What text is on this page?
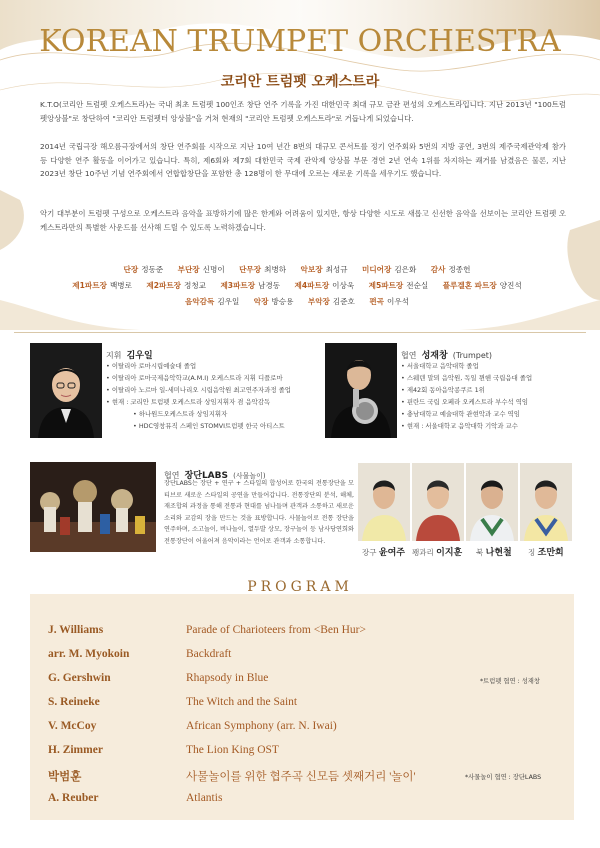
KOREAN TRUMPET ORCHESTRA
코리안 트럼펫 오케스트라
K.T.O(코리안 트럼펫 오케스트라)는 국내 최초 트럼펫 100인조 창단 연주 기록을 가진 대한민국 최대 규모 금관 편성의 오케스트라입니다. 지난 2013년 "100트럼펫앙상블"로 창단하여 "코리안 트럼펫터 앙상블"을 거쳐 현재의 "코리안 트럼펫 오케스트라"로 거듭나게 되었습니다.
2014년 국립극장 해오름극장에서의 창단 연주회를 시작으로 지난 10여 년간 8번의 대규모 콘서트를 정기 연주회와 5번의 지방 공연, 3번의 제주국제관악제 참가 등 다양한 연주 활동을 이어가고 있습니다. 특히, 제6회와 제7회 대한민국 국제 관악제 앙상블 부문 경연 2년 연속 1위를 차지하는 쾌거를 남겼음은 물론, 지난 2023년 창단 10주년 기념 연주회에서 연합합창단을 포함한 총 128명이 한 무대에 오르는 새로운 기록을 세우기도 했습니다.
악기 대부분이 트럼펫 구성으로 오케스트라 음악을 표방하기에 많은 한계와 어려움이 있지만, 항상 다양한 시도로 새롭고 신선한 음악을 선보이는 코리안 트럼펫 오케스트라만의 특별한 사운드를 선사해 드릴 수 있도록 노력하겠습니다.
단장 정동준 부단장 신명이 단무장 최병하 악보장 최성규 미디어장 김은화 감사 정종헌
제1파트장 백병로 제2파트장 정청교 제3파트장 남경동 제4파트장 이상욱 제5파트장 전순실 플루겔혼 파트장 양진석
음악감독 김우일 악장 방승용 부악장 김준호 편곡 이우석
지휘 김우일
• 이탈리아 로마시립예술대 졸업
• 이탈리아 로마국제음악학교(A.M.I) 오케스트라 지휘 디플로마
• 이탈리아 노르마 일-세미나리오 시립음악원 최고연주자과정 졸업
• 현재 : 코리안 트럼펫 오케스트라 상임지휘자 겸 음악감독
• 하나원드오케스트라 상임지휘자
• HDC영창뮤직 스페인 STOMVI트럼펫 한국 아티스트
협연 성재창 (Trumpet)
• 서울대학교 음악대학 졸업
• 스웨덴 말뫼 음악원, 독일 뮌헨 국립음대 졸업
• 제42회 동아음악콩쿠르 1위
• 핀란드 국립 오페라 오케스트라 부수석 역임
• 충남대학교 예술대학 관현악과 교수 역임
• 현재 : 서울대학교 음악대학 기악과 교수
협연 장단LABS (사물놀이)
장단LABS는 장단 + 연구 + 스타일의 합성어로 한국의 전통장단을 모티브로 새로운 스타일의 공연을 만들어갑니다. 전통장단의 분석, 해체, 재조합의 과정을 통해 전통과 현대를 넘나들며 관객과 소통하고 새로운 소리와 교감의 장을 만드는 것을 표방합니다. 사물놀이로 전통 장단을 연주하며, 소고놀이, 버나놀이, 열두발 상모, 장구놀이 등 남사당연희와 전통장단이 어울어져 음악이라는 언어로 관객과 소통합니다.
장구 윤여주 꽹과리 이지훈 북 나현철 징 조만희
PROGRAM
J. Williams	Parade of Charioteers from <Ben Hur>
arr. M. Myokoin	Backdraft
G. Gershwin	Rhapsody in Blue
S. Reineke	The Witch and the Saint
V. McCoy	African Symphony (arr. N. Iwai)
H. Zimmer	The Lion King OST
박범훈	사물놀이를 위한 협주곡 신모듬 셋째거리 '놀이'
A. Reuber	Atlantis
*트럼펫 협연 : 성재창
*사물놀이 협연 : 장단LABS
